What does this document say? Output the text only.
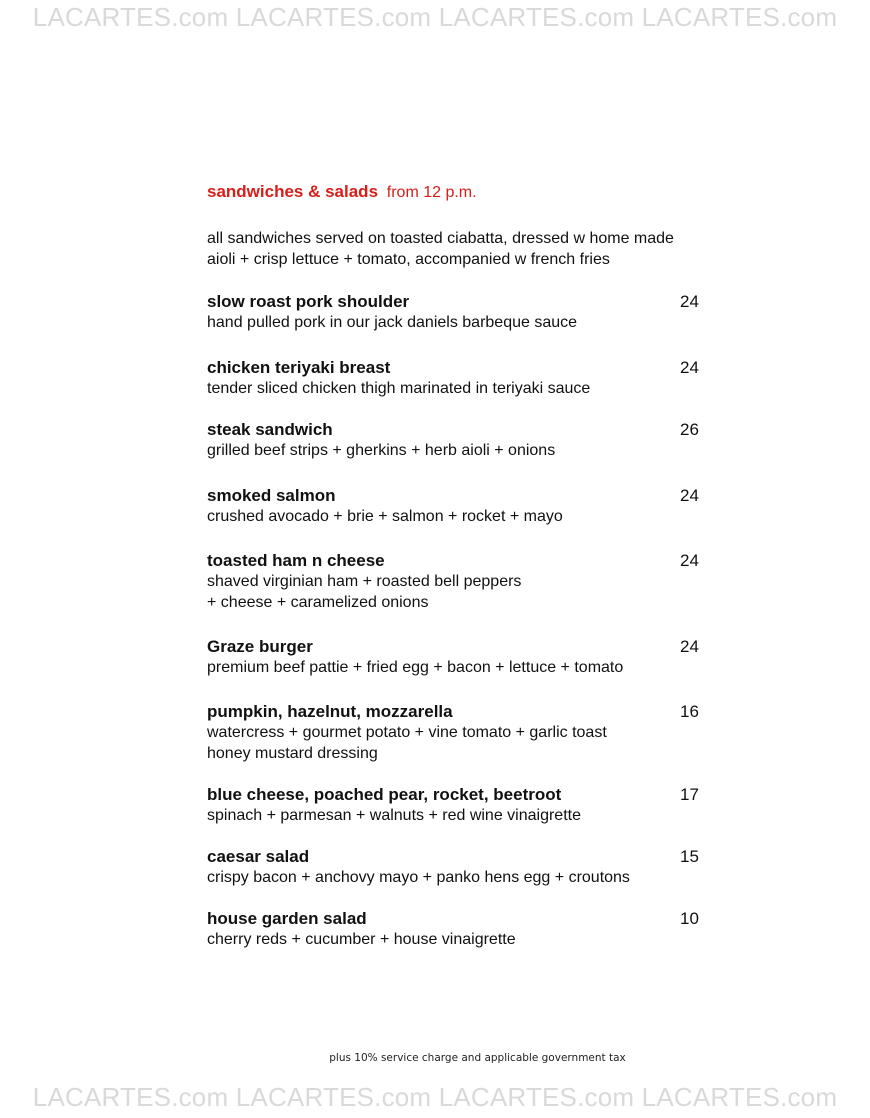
LACARTES.com LACARTES.com LACARTES.com LACARTES.com
sandwiches & salads from 12 p.m.
all sandwiches served on toasted ciabatta, dressed w home made
aioli + crisp lettuce + tomato, accompanied w french fries
slow roast pork shoulder
hand pulled pork in our jack daniels barbeque sauce
24
chicken teriyaki breast
tender sliced chicken thigh marinated in teriyaki sauce
24
steak sandwich
grilled beef strips + gherkins + herb aioli + onions
26
smoked salmon
crushed avocado + brie + salmon + rocket + mayo
24
toasted ham n cheese
shaved virginian ham + roasted bell peppers
+ cheese + caramelized onions
24
Graze burger
premium beef pattie + fried egg + bacon + lettuce + tomato
24
pumpkin, hazelnut, mozzarella
watercress + gourmet potato + vine tomato + garlic toast
honey mustard dressing
16
blue cheese, poached pear, rocket, beetroot
spinach + parmesan + walnuts + red wine vinaigrette
17
caesar salad
crispy bacon + anchovy mayo + panko hens egg + croutons
15
house garden salad
cherry reds + cucumber + house vinaigrette
10
plus 10% service charge and applicable government tax
LACARTES.com LACARTES.com LACARTES.com LACARTES.com
